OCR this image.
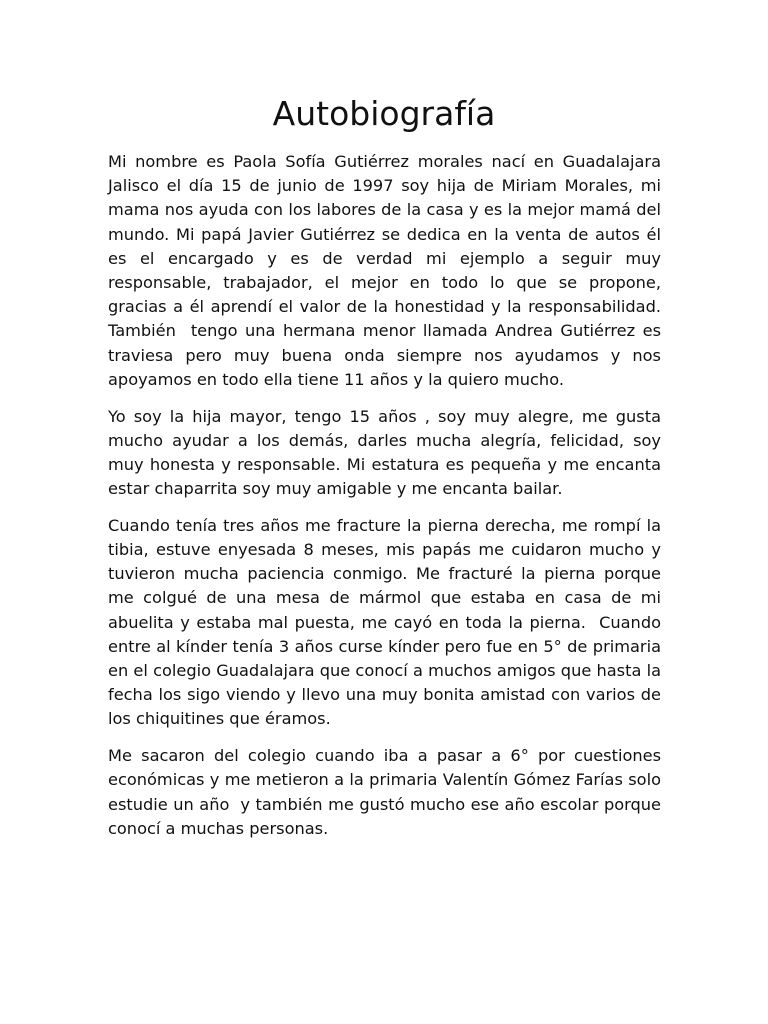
Autobiografía

Mi nombre es Paola Sofía Gutiérrez morales nací en Guadalajara Jalisco el día 15 de junio de 1997 soy hija de Miriam Morales, mi mama nos ayuda con los labores de la casa y es la mejor mamá del mundo. Mi papá Javier Gutiérrez se dedica en la venta de autos él es el encargado y es de verdad mi ejemplo a seguir muy responsable, trabajador, el mejor en todo lo que se propone, gracias a él aprendí el valor de la honestidad y la responsabilidad. También  tengo una hermana menor llamada Andrea Gutiérrez es traviesa pero muy buena onda siempre nos ayudamos y nos apoyamos en todo ella tiene 11 años y la quiero mucho.

Yo soy la hija mayor, tengo 15 años , soy muy alegre, me gusta mucho ayudar a los demás, darles mucha alegría, felicidad, soy muy honesta y responsable. Mi estatura es pequeña y me encanta estar chaparrita soy muy amigable y me encanta bailar.

Cuando tenía tres años me fracture la pierna derecha, me rompí la tibia, estuve enyesada 8 meses, mis papás me cuidaron mucho y tuvieron mucha paciencia conmigo. Me fracturé la pierna porque me colgué de una mesa de mármol que estaba en casa de mi abuelita y estaba mal puesta, me cayó en toda la pierna.  Cuando entre al kínder tenía 3 años curse kínder pero fue en 5° de primaria en el colegio Guadalajara que conocí a muchos amigos que hasta la fecha los sigo viendo y llevo una muy bonita amistad con varios de los chiquitines que éramos.

Me sacaron del colegio cuando iba a pasar a 6° por cuestiones económicas y me metieron a la primaria Valentín Gómez Farías solo estudie un año  y también me gustó mucho ese año escolar porque conocí a muchas personas.
